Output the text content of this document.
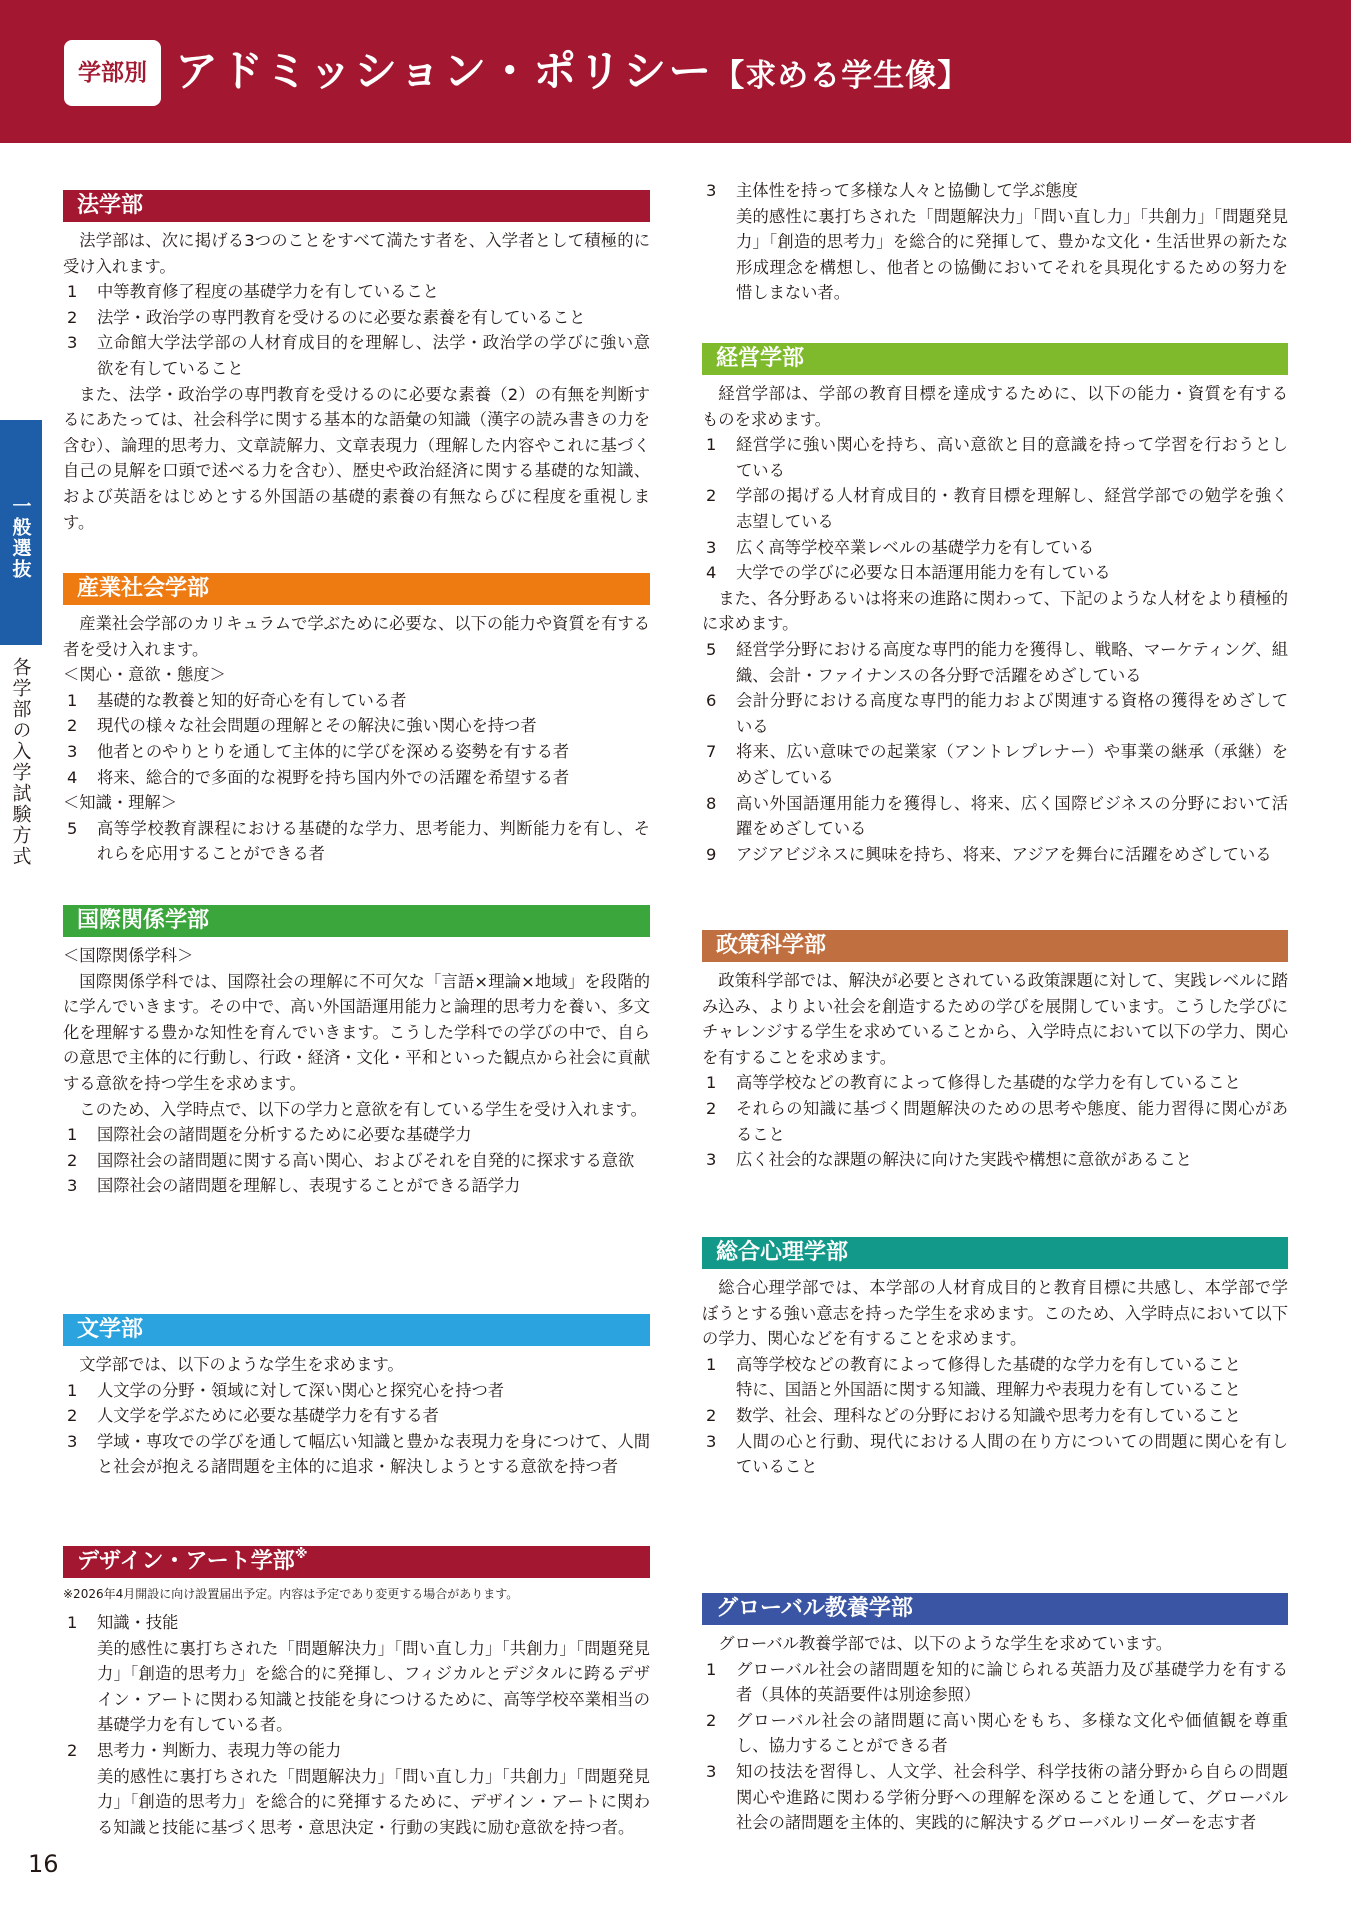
学部別 アドミッション・ポリシー【求める学生像】
一般選抜
各学部の入学試験方式
法学部

法学部は、次に掲げる3つのことをすべて満たす者を、入学者として積極的に受け入れます。

1	中等教育修了程度の基礎学力を有していること
2	法学・政治学の専門教育を受けるのに必要な素養を有していること
3	立命館大学法学部の人材育成目的を理解し、法学・政治学の学びに強い意欲を有していること

また、法学・政治学の専門教育を受けるのに必要な素養（2）の有無を判断するにあたっては、社会科学に関する基本的な語彙の知識（漢字の読み書きの力を含む）、論理的思考力、文章読解力、文章表現力（理解した内容やこれに基づく自己の見解を口頭で述べる力を含む）、歴史や政治経済に関する基礎的な知識、および英語をはじめとする外国語の基礎的素養の有無ならびに程度を重視します。

産業社会学部

産業社会学部のカリキュラムで学ぶために必要な、以下の能力や資質を有する者を受け入れます。

＜関心・意欲・態度＞

1	基礎的な教養と知的好奇心を有している者
2	現代の様々な社会問題の理解とその解決に強い関心を持つ者
3	他者とのやりとりを通して主体的に学びを深める姿勢を有する者
4	将来、総合的で多面的な視野を持ち国内外での活躍を希望する者

＜知識・理解＞

5	高等学校教育課程における基礎的な学力、思考能力、判断能力を有し、それらを応用することができる者
国際関係学部

＜国際関係学科＞

国際関係学科では、国際社会の理解に不可欠な「言語×理論×地域」を段階的に学んでいきます。その中で、高い外国語運用能力と論理的思考力を養い、多文化を理解する豊かな知性を育んでいきます。こうした学科での学びの中で、自らの意思で主体的に行動し、行政・経済・文化・平和といった観点から社会に貢献する意欲を持つ学生を求めます。

このため、入学時点で、以下の学力と意欲を有している学生を受け入れます。

1	国際社会の諸問題を分析するために必要な基礎学力
2	国際社会の諸問題に関する高い関心、およびそれを自発的に探求する意欲
3	国際社会の諸問題を理解し、表現することができる語学力
文学部

文学部では、以下のような学生を求めます。

1	人文学の分野・領域に対して深い関心と探究心を持つ者
2	人文学を学ぶために必要な基礎学力を有する者
3	学域・専攻での学びを通して幅広い知識と豊かな表現力を身につけて、人間と社会が抱える諸問題を主体的に追求・解決しようとする意欲を持つ者
デザイン・アート学部※

※2026年4月開設に向け設置届出予定。内容は予定であり変更する場合があります。

1	知識・技能
美的感性に裏打ちされた「問題解決力」「問い直し力」「共創力」「問題発見力」「創造的思考力」を総合的に発揮し、フィジカルとデジタルに跨るデザイン・アートに関わる知識と技能を身につけるために、高等学校卒業相当の基礎学力を有している者。
2	思考力・判断力、表現力等の能力
美的感性に裏打ちされた「問題解決力」「問い直し力」「共創力」「問題発見力」「創造的思考力」を総合的に発揮するために、デザイン・アートに関わる知識と技能に基づく思考・意思決定・行動の実践に励む意欲を持つ者。
3	主体性を持って多様な人々と協働して学ぶ態度
美的感性に裏打ちされた「問題解決力」「問い直し力」「共創力」「問題発見力」「創造的思考力」を総合的に発揮して、豊かな文化・生活世界の新たな形成理念を構想し、他者との協働においてそれを具現化するための努力を惜しまない者。
経営学部

経営学部は、学部の教育目標を達成するために、以下の能力・資質を有するものを求めます。

1	経営学に強い関心を持ち、高い意欲と目的意識を持って学習を行おうとしている
2	学部の掲げる人材育成目的・教育目標を理解し、経営学部での勉学を強く志望している
3	広く高等学校卒業レベルの基礎学力を有している
4	大学での学びに必要な日本語運用能力を有している

また、各分野あるいは将来の進路に関わって、下記のような人材をより積極的に求めます。

5	経営学分野における高度な専門的能力を獲得し、戦略、マーケティング、組織、会計・ファイナンスの各分野で活躍をめざしている
6	会計分野における高度な専門的能力および関連する資格の獲得をめざしている
7	将来、広い意味での起業家（アントレプレナー）や事業の継承（承継）をめざしている
8	高い外国語運用能力を獲得し、将来、広く国際ビジネスの分野において活躍をめざしている
9	アジアビジネスに興味を持ち、将来、アジアを舞台に活躍をめざしている
政策科学部

政策科学部では、解決が必要とされている政策課題に対して、実践レベルに踏み込み、よりよい社会を創造するための学びを展開しています。こうした学びにチャレンジする学生を求めていることから、入学時点において以下の学力、関心を有することを求めます。

1	高等学校などの教育によって修得した基礎的な学力を有していること
2	それらの知識に基づく問題解決のための思考や態度、能力習得に関心があること
3	広く社会的な課題の解決に向けた実践や構想に意欲があること
総合心理学部

総合心理学部では、本学部の人材育成目的と教育目標に共感し、本学部で学ぼうとする強い意志を持った学生を求めます。このため、入学時点において以下の学力、関心などを有することを求めます。

1	高等学校などの教育によって修得した基礎的な学力を有していること
特に、国語と外国語に関する知識、理解力や表現力を有していること
2	数学、社会、理科などの分野における知識や思考力を有していること
3	人間の心と行動、現代における人間の在り方についての問題に関心を有していること
グローバル教養学部

グローバル教養学部では、以下のような学生を求めています。

1	グローバル社会の諸問題を知的に論じられる英語力及び基礎学力を有する者（具体的英語要件は別途参照）
2	グローバル社会の諸問題に高い関心をもち、多様な文化や価値観を尊重し、協力することができる者
3	知の技法を習得し、人文学、社会科学、科学技術の諸分野から自らの問題関心や進路に関わる学術分野への理解を深めることを通して、グローバル社会の諸問題を主体的、実践的に解決するグローバルリーダーを志す者
16
